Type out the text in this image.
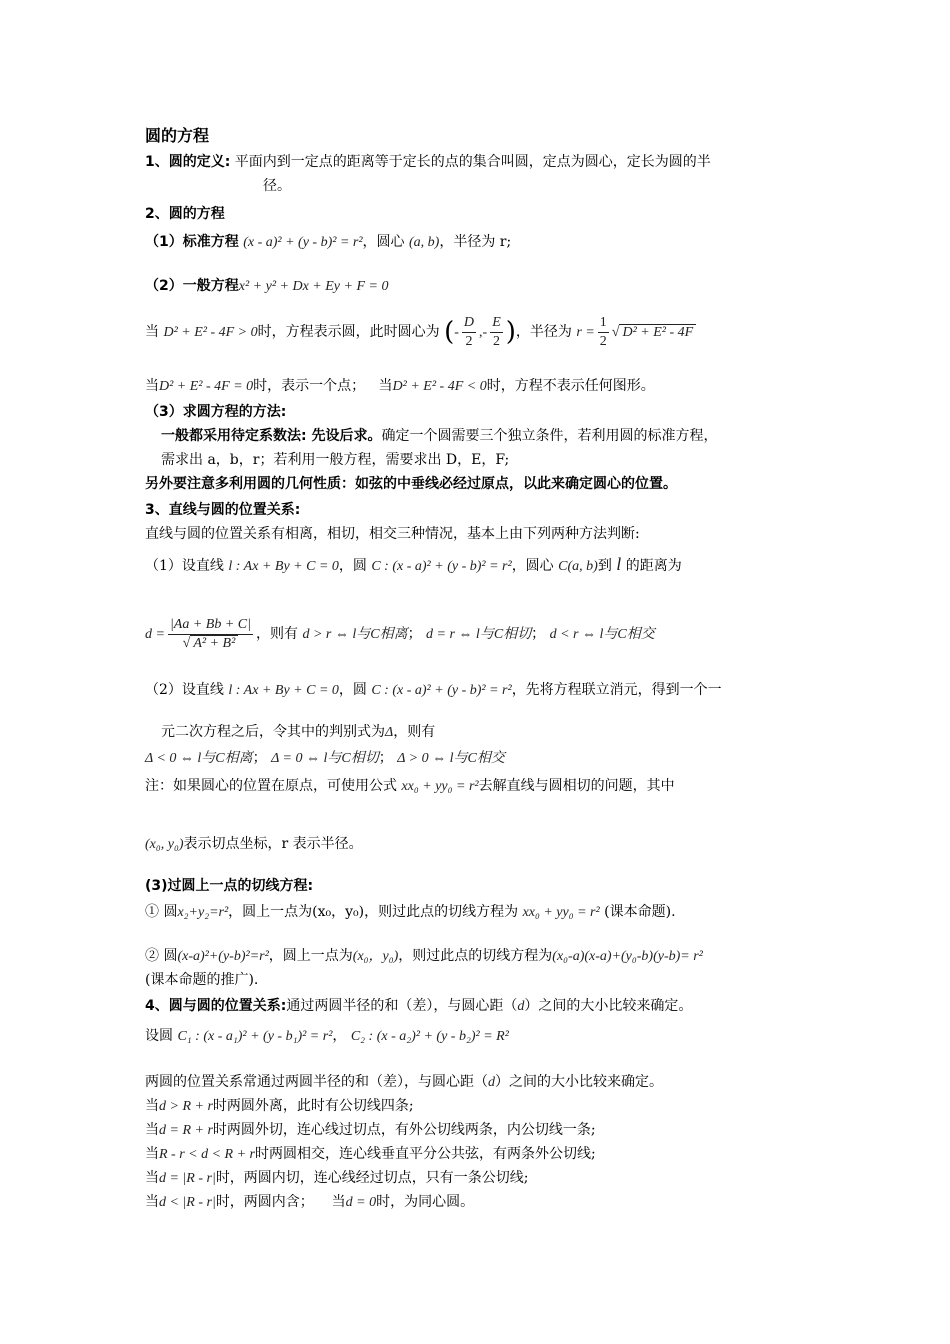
圆的方程
1、圆的定义: 平面内到一定点的距离等于定长的点的集合叫圆，定点为圆心，定长为圆的半
径。
2、圆的方程
（1）标准方程 (x - a)² + (y - b)² = r²，圆心 (a, b)，半径为 r;
（2）一般方程x² + y² + Dx + Ey + F = 0
当 D² + E² - 4F > 0时，方程表示圆，此时圆心为 (- $\frac{D}{2}$ ,- $\frac{E}{2}$ )，半径为 $r = \frac{1}{2}$ √ D² + E² - 4F
当D² + E² - 4F = 0时，表示一个点； 当D² + E² - 4F < 0时，方程不表示任何图形。
（3）求圆方程的方法:
一般都采用待定系数法: 先设后求。确定一个圆需要三个独立条件，若利用圆的标准方程，
需求出 a，b，r；若利用一般方程，需要求出 D，E，F;
另外要注意多利用圆的几何性质：如弦的中垂线必经过原点，以此来确定圆心的位置。
3、直线与圆的位置关系:
直线与圆的位置关系有相离，相切，相交三种情况，基本上由下列两种方法判断:
（1）设直线 l : Ax + By + C = 0，圆 C : (x - a)² + (y - b)² = r²，圆心 C(a, b)到 l 的距离为
$d = \frac{|Aa + Bb + C|}{\text{√ A² + B²}}$ ，则有 d > r ⇔ l与C相离； d = r ⇔ l与C相切； d < r ⇔ l与C相交
（2）设直线 l : Ax + By + C = 0，圆 C : (x - a)² + (y - b)² = r²，先将方程联立消元，得到一个一
元二次方程之后，令其中的判别式为Δ，则有
Δ < 0 ⇔ l与C相离； Δ = 0 ⇔ l与C相切； Δ > 0 ⇔ l与C相交
注：如果圆心的位置在原点，可使用公式 xx₀ + yy₀ = r²去解直线与圆相切的问题，其中
(x₀, y₀)表示切点坐标，r 表示半径。
(3)过圆上一点的切线方程:
① 圆x₂+y₂=r²，圆上一点为(x₀，y₀)，则过此点的切线方程为 xx₀ + yy₀ = r² (课本命题).
② 圆(x-a)²+(y-b)²=r²，圆上一点为(x₀，y₀)，则过此点的切线方程为(x₀-a)(x-a)+(y₀-b)(y-b)= r²
(课本命题的推广).
4、圆与圆的位置关系:通过两圆半径的和（差），与圆心距（d）之间的大小比较来确定。
设圆 C₁ : (x - a₁)² + (y - b₁)² = r²， C₂ : (x - a₂)² + (y - b₂)² = R²
两圆的位置关系常通过两圆半径的和（差），与圆心距（d）之间的大小比较来确定。
当d > R + r时两圆外离，此时有公切线四条;
当d = R + r时两圆外切，连心线过切点，有外公切线两条，内公切线一条;
当R - r < d < R + r时两圆相交，连心线垂直平分公共弦，有两条外公切线;
当d = |R - r|时，两圆内切，连心线经过切点，只有一条公切线;
当d < |R - r|时，两圆内含； 当d = 0时，为同心圆。
